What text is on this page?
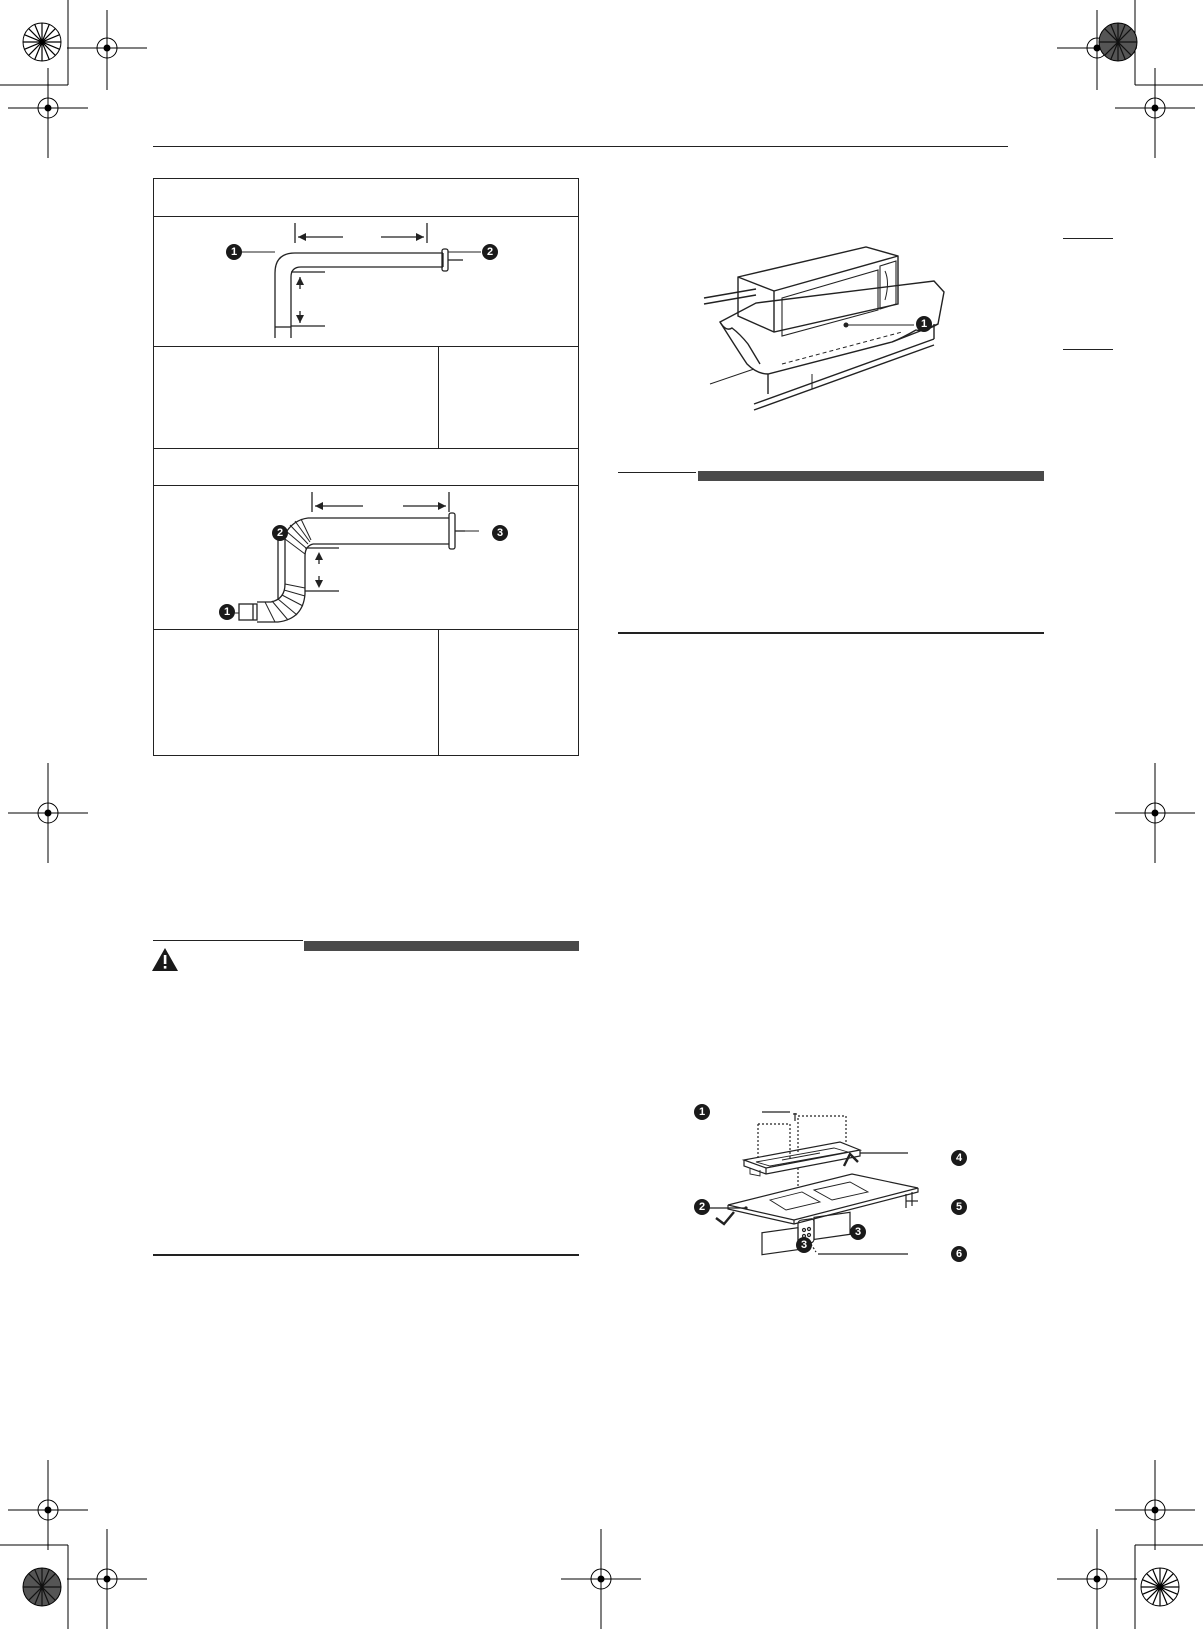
1	2
1
2	3
1
1
2
3
3
4
5
6
